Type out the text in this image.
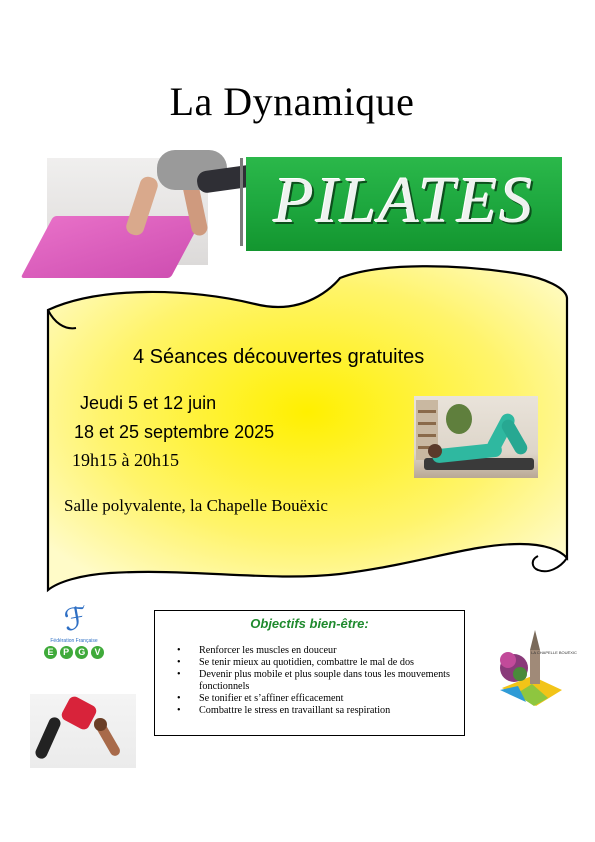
La Dynamique
PILATES
4 Séances découvertes gratuites
Jeudi 5 et 12 juin
18 et 25 septembre 2025
19h15 à 20h15
Salle polyvalente, la Chapelle Bouëxic
ℱ
Fédération Française
E	P	G	V
Objectifs bien-être:
• Renforcer les muscles en douceur
• Se tenir mieux au quotidien, combattre le mal de dos
• Devenir plus mobile et plus souple dans tous les mouvements fonctionnels
• Se tonifier et s’affiner efficacement
• Combattre le stress en travaillant sa respiration
LA CHAPELLE BOUËXIC
